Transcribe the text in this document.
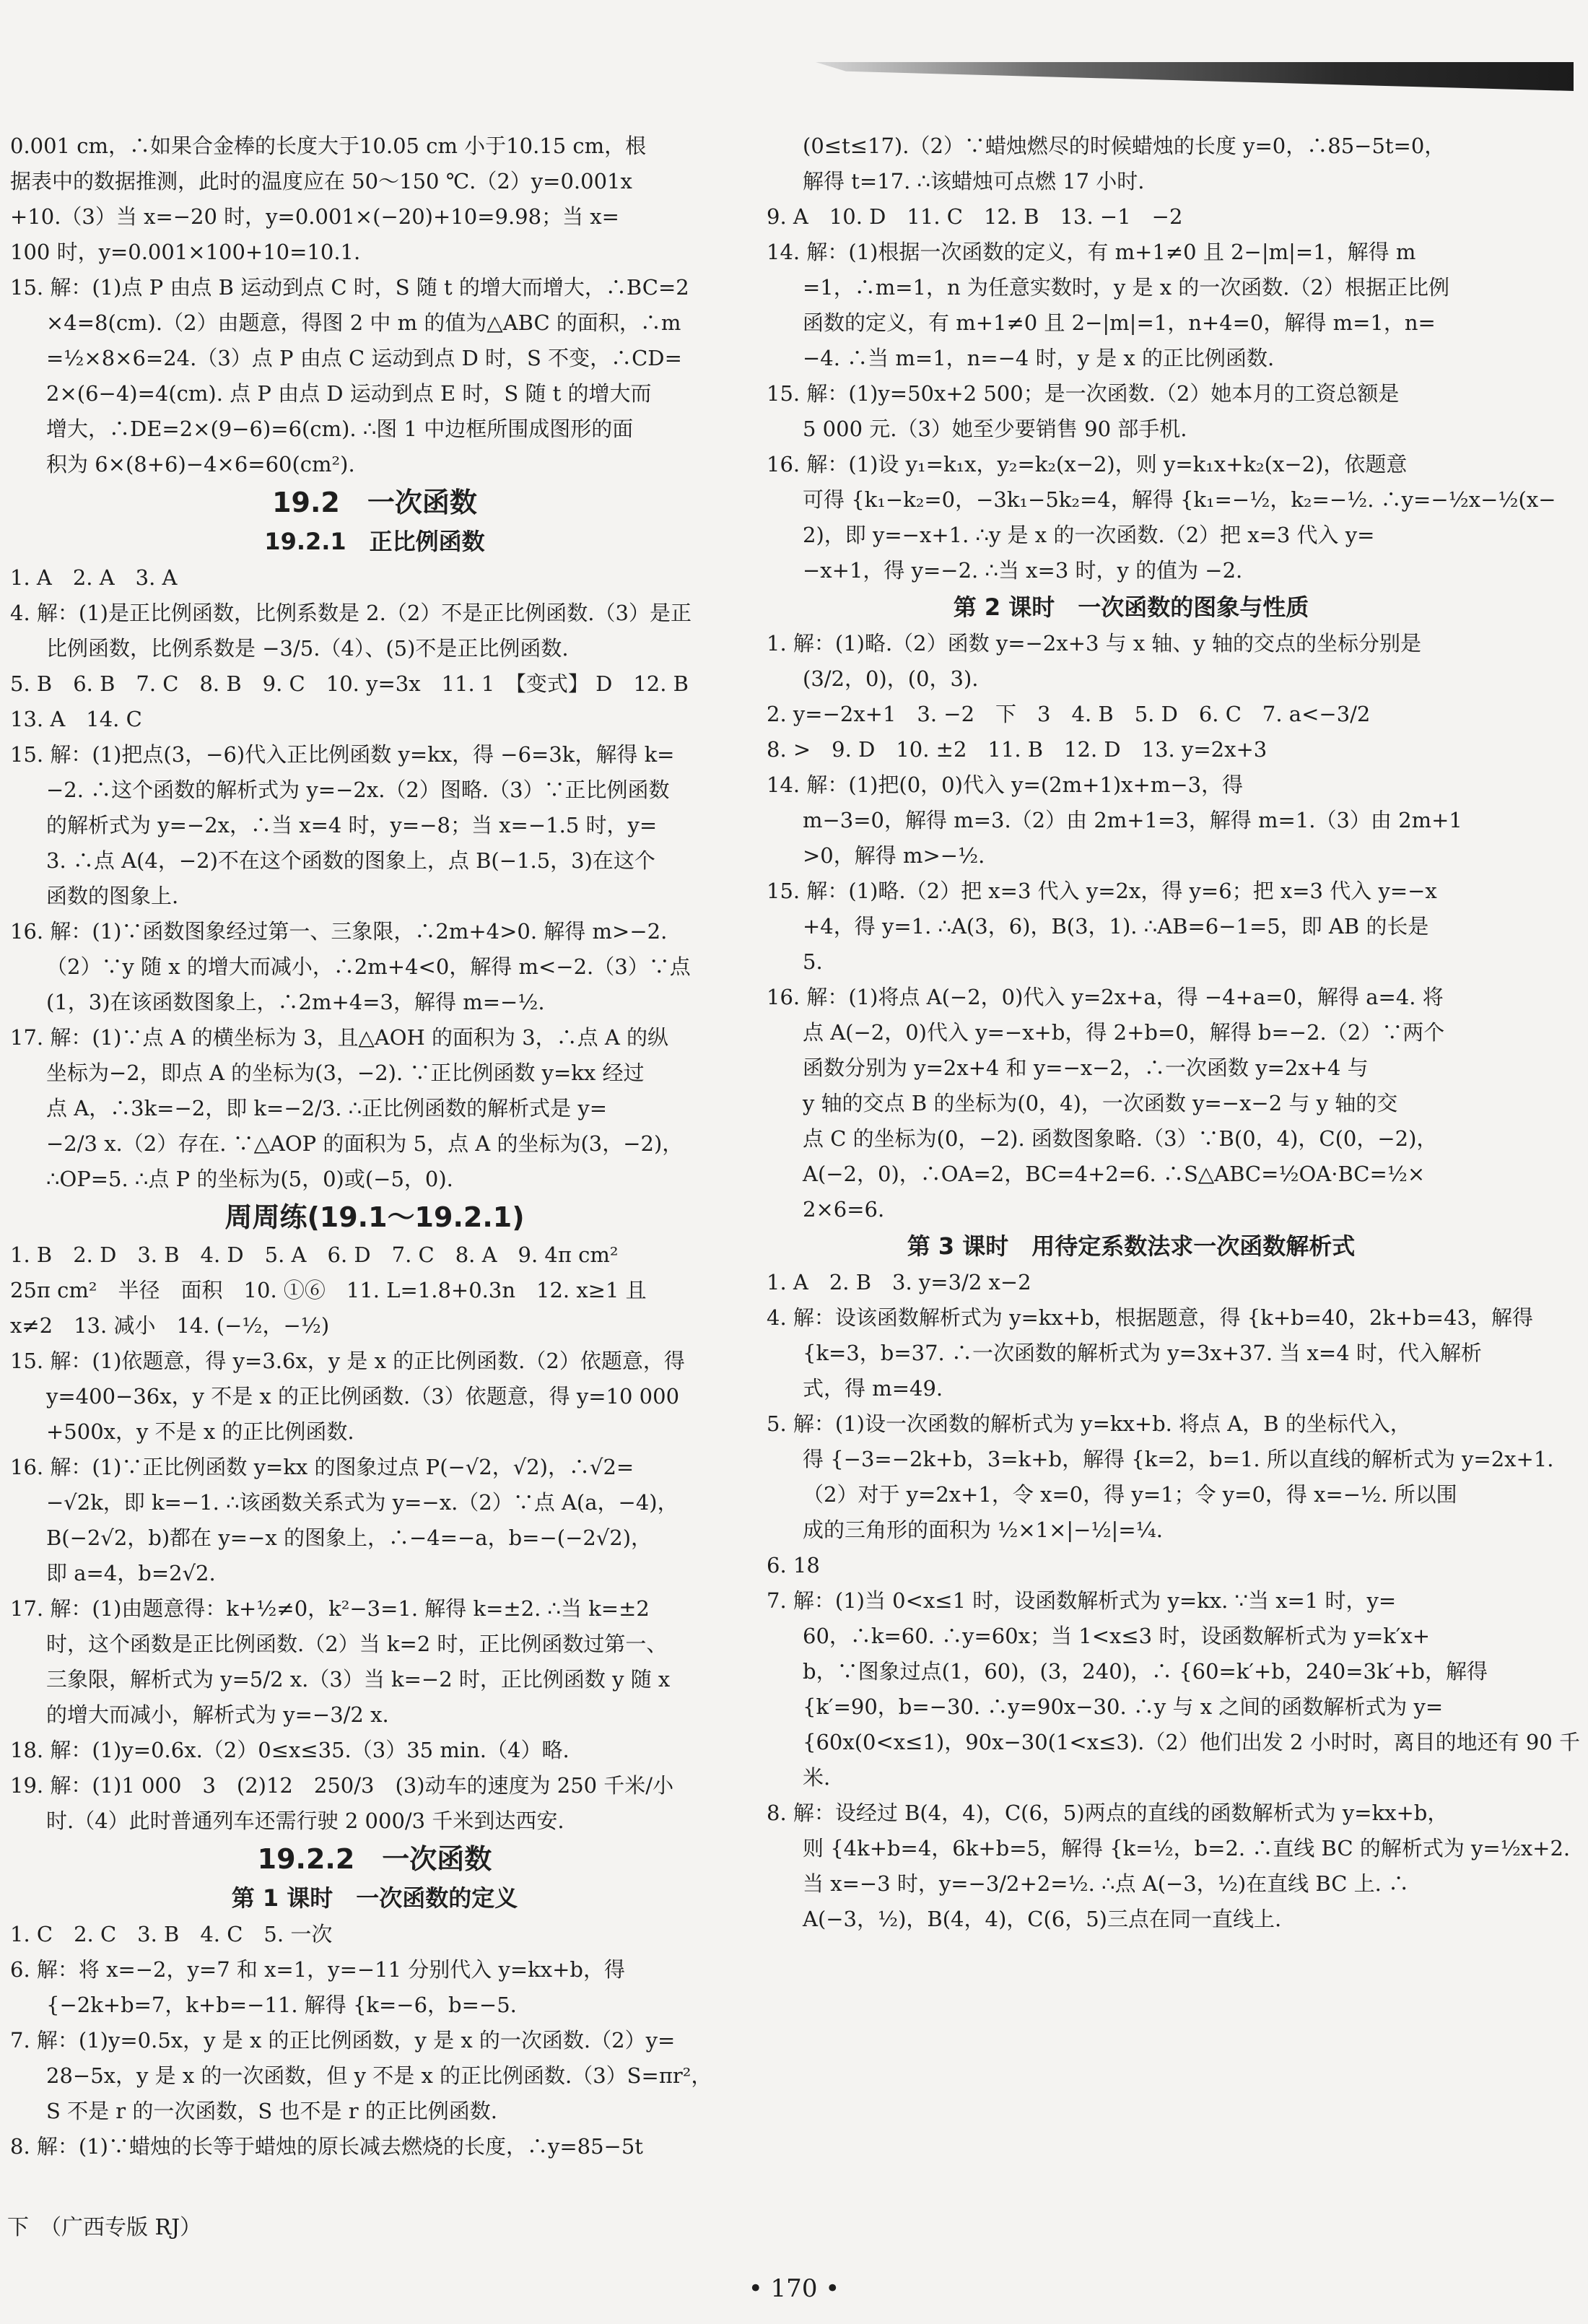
0.001 cm，∴如果合金棒的长度大于10.05 cm 小于10.15 cm，根
据表中的数据推测，此时的温度应在 50～150 ℃.（2）y=0.001x
+10.（3）当 x=−20 时，y=0.001×(−20)+10=9.98；当 x=
100 时，y=0.001×100+10=10.1.
15. 解：(1)点 P 由点 B 运动到点 C 时，S 随 t 的增大而增大，∴BC=2
×4=8(cm).（2）由题意，得图 2 中 m 的值为△ABC 的面积，∴m
=½×8×6=24.（3）点 P 由点 C 运动到点 D 时，S 不变，∴CD=
2×(6−4)=4(cm). 点 P 由点 D 运动到点 E 时，S 随 t 的增大而
增大，∴DE=2×(9−6)=6(cm). ∴图 1 中边框所围成图形的面
积为 6×(8+6)−4×6=60(cm²).
19.2　一次函数
19.2.1　正比例函数
1. A　2. A　3. A
4. 解：(1)是正比例函数，比例系数是 2.（2）不是正比例函数.（3）是正
比例函数，比例系数是 −3/5.（4）、(5)不是正比例函数.
5. B　6. B　7. C　8. B　9. C　10. y=3x　11. 1　【变式】 D　12. B
13. A　14. C
15. 解：(1)把点(3，−6)代入正比例函数 y=kx，得 −6=3k，解得 k=
−2. ∴这个函数的解析式为 y=−2x.（2）图略.（3）∵正比例函数
的解析式为 y=−2x，∴当 x=4 时，y=−8；当 x=−1.5 时，y=
3. ∴点 A(4，−2)不在这个函数的图象上，点 B(−1.5，3)在这个
函数的图象上.
16. 解：(1)∵函数图象经过第一、三象限，∴2m+4>0. 解得 m>−2.
（2）∵y 随 x 的增大而减小，∴2m+4<0，解得 m<−2.（3）∵点
(1，3)在该函数图象上，∴2m+4=3，解得 m=−½.
17. 解：(1)∵点 A 的横坐标为 3，且△AOH 的面积为 3，∴点 A 的纵
坐标为−2，即点 A 的坐标为(3，−2). ∵正比例函数 y=kx 经过
点 A，∴3k=−2，即 k=−2/3. ∴正比例函数的解析式是 y=
−2/3 x.（2）存在. ∵△AOP 的面积为 5，点 A 的坐标为(3，−2)，
∴OP=5. ∴点 P 的坐标为(5，0)或(−5，0).
周周练(19.1～19.2.1)
1. B　2. D　3. B　4. D　5. A　6. D　7. C　8. A　9. 4π cm²
25π cm²　半径　面积　10. ①⑥　11. L=1.8+0.3n　12. x≥1 且
x≠2　13. 减小　14. (−½，−½)
15. 解：(1)依题意，得 y=3.6x，y 是 x 的正比例函数.（2）依题意，得
y=400−36x，y 不是 x 的正比例函数.（3）依题意，得 y=10 000
+500x，y 不是 x 的正比例函数.
16. 解：(1)∵正比例函数 y=kx 的图象过点 P(−√2，√2)，∴√2=
−√2k，即 k=−1. ∴该函数关系式为 y=−x.（2）∵点 A(a，−4)，
B(−2√2，b)都在 y=−x 的图象上，∴−4=−a，b=−(−2√2)，
即 a=4，b=2√2.
17. 解：(1)由题意得：k+½≠0，k²−3=1. 解得 k=±2. ∴当 k=±2
时，这个函数是正比例函数.（2）当 k=2 时，正比例函数过第一、
三象限，解析式为 y=5/2 x.（3）当 k=−2 时，正比例函数 y 随 x
的增大而减小，解析式为 y=−3/2 x.
18. 解：(1)y=0.6x.（2）0≤x≤35.（3）35 min.（4）略.
19. 解：(1)1 000　3　(2)12　250/3　(3)动车的速度为 250 千米/小
时.（4）此时普通列车还需行驶 2 000/3 千米到达西安.
19.2.2　一次函数
第 1 课时　一次函数的定义
1. C　2. C　3. B　4. C　5. 一次
6. 解：将 x=−2，y=7 和 x=1，y=−11 分别代入 y=kx+b，得
{−2k+b=7，k+b=−11. 解得 {k=−6，b=−5.
7. 解：(1)y=0.5x，y 是 x 的正比例函数，y 是 x 的一次函数.（2）y=
28−5x，y 是 x 的一次函数，但 y 不是 x 的正比例函数.（3）S=πr²，
S 不是 r 的一次函数，S 也不是 r 的正比例函数.
8. 解：(1)∵蜡烛的长等于蜡烛的原长减去燃烧的长度，∴y=85−5t
(0≤t≤17).（2）∵蜡烛燃尽的时候蜡烛的长度 y=0，∴85−5t=0，
解得 t=17. ∴该蜡烛可点燃 17 小时.
9. A　10. D　11. C　12. B　13. −1　−2
14. 解：(1)根据一次函数的定义，有 m+1≠0 且 2−|m|=1，解得 m
=1，∴m=1，n 为任意实数时，y 是 x 的一次函数.（2）根据正比例
函数的定义，有 m+1≠0 且 2−|m|=1，n+4=0，解得 m=1，n=
−4. ∴当 m=1，n=−4 时，y 是 x 的正比例函数.
15. 解：(1)y=50x+2 500；是一次函数.（2）她本月的工资总额是
5 000 元.（3）她至少要销售 90 部手机.
16. 解：(1)设 y₁=k₁x，y₂=k₂(x−2)，则 y=k₁x+k₂(x−2)，依题意
可得 {k₁−k₂=0，−3k₁−5k₂=4，解得 {k₁=−½，k₂=−½. ∴y=−½x−½(x−
2)，即 y=−x+1. ∴y 是 x 的一次函数.（2）把 x=3 代入 y=
−x+1，得 y=−2. ∴当 x=3 时，y 的值为 −2.
第 2 课时　一次函数的图象与性质
1. 解：(1)略.（2）函数 y=−2x+3 与 x 轴、y 轴的交点的坐标分别是
(3/2，0)，(0，3).
2. y=−2x+1　3. −2　下　3　4. B　5. D　6. C　7. a<−3/2
8. >　9. D　10. ±2　11. B　12. D　13. y=2x+3
14. 解：(1)把(0，0)代入 y=(2m+1)x+m−3，得
m−3=0，解得 m=3.（2）由 2m+1=3，解得 m=1.（3）由 2m+1
>0，解得 m>−½.
15. 解：(1)略.（2）把 x=3 代入 y=2x，得 y=6；把 x=3 代入 y=−x
+4，得 y=1. ∴A(3，6)，B(3，1). ∴AB=6−1=5，即 AB 的长是
5.
16. 解：(1)将点 A(−2，0)代入 y=2x+a，得 −4+a=0，解得 a=4. 将
点 A(−2，0)代入 y=−x+b，得 2+b=0，解得 b=−2.（2）∵两个
函数分别为 y=2x+4 和 y=−x−2，∴一次函数 y=2x+4 与
y 轴的交点 B 的坐标为(0，4)，一次函数 y=−x−2 与 y 轴的交
点 C 的坐标为(0，−2). 函数图象略.（3）∵B(0，4)，C(0，−2)，
A(−2，0)，∴OA=2，BC=4+2=6. ∴S△ABC=½OA·BC=½×
2×6=6.
第 3 课时　用待定系数法求一次函数解析式
1. A　2. B　3. y=3/2 x−2
4. 解：设该函数解析式为 y=kx+b，根据题意，得 {k+b=40，2k+b=43，解得
{k=3，b=37. ∴一次函数的解析式为 y=3x+37. 当 x=4 时，代入解析
式，得 m=49.
5. 解：(1)设一次函数的解析式为 y=kx+b. 将点 A，B 的坐标代入，
得 {−3=−2k+b，3=k+b，解得 {k=2，b=1. 所以直线的解析式为 y=2x+1.
（2）对于 y=2x+1，令 x=0，得 y=1；令 y=0，得 x=−½. 所以围
成的三角形的面积为 ½×1×|−½|=¼.
6. 18
7. 解：(1)当 0<x≤1 时，设函数解析式为 y=kx. ∵当 x=1 时，y=
60，∴k=60. ∴y=60x；当 1<x≤3 时，设函数解析式为 y=k′x+
b，∵图象过点(1，60)，(3，240)，∴ {60=k′+b，240=3k′+b，解得
{k′=90，b=−30. ∴y=90x−30. ∴y 与 x 之间的函数解析式为 y=
{60x(0<x≤1)，90x−30(1<x≤3).（2）他们出发 2 小时时，离目的地还有 90 千
米.
8. 解：设经过 B(4，4)，C(6，5)两点的直线的函数解析式为 y=kx+b，
则 {4k+b=4，6k+b=5，解得 {k=½，b=2. ∴直线 BC 的解析式为 y=½x+2.
当 x=−3 时，y=−3/2+2=½. ∴点 A(−3，½)在直线 BC 上. ∴
A(−3，½)，B(4，4)，C(6，5)三点在同一直线上.
下　（广西专版 RJ）
• 170 •
